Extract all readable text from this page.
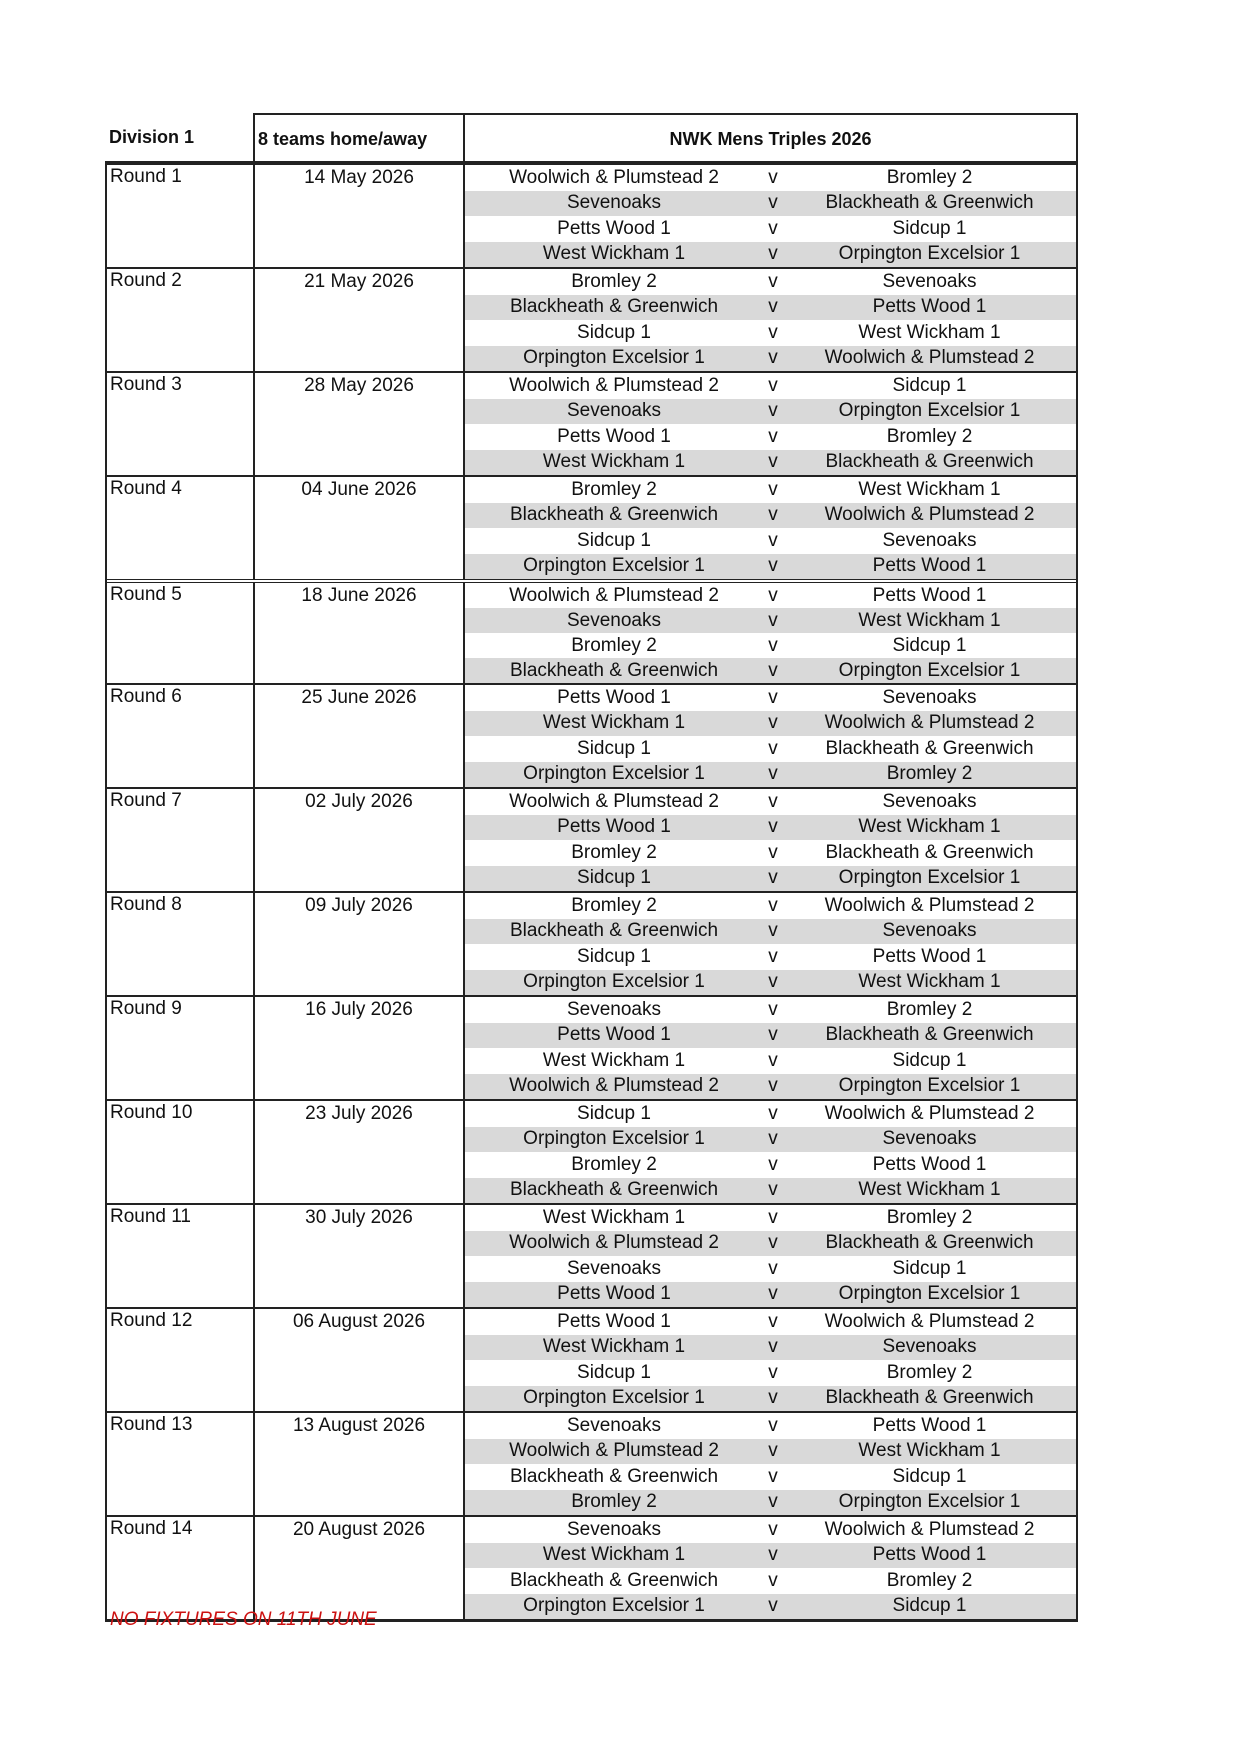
Division 1	8 teams home/away	NWK Mens Triples 2026
Round 1	14 May 2026	Woolwich & Plumstead 2	v	Bromley 2
Sevenoaks	v	Blackheath & Greenwich
Petts Wood 1	v	Sidcup 1
West Wickham 1	v	Orpington Excelsior 1
Round 2	21 May 2026	Bromley 2	v	Sevenoaks
Blackheath & Greenwich	v	Petts Wood 1
Sidcup 1	v	West Wickham 1
Orpington Excelsior 1	v	Woolwich & Plumstead 2
Round 3	28 May 2026	Woolwich & Plumstead 2	v	Sidcup 1
Sevenoaks	v	Orpington Excelsior 1
Petts Wood 1	v	Bromley 2
West Wickham 1	v	Blackheath & Greenwich
Round 4	04 June 2026	Bromley 2	v	West Wickham 1
Blackheath & Greenwich	v	Woolwich & Plumstead 2
Sidcup 1	v	Sevenoaks
Orpington Excelsior 1	v	Petts Wood 1
Round 5	18 June 2026	Woolwich & Plumstead 2	v	Petts Wood 1
Sevenoaks	v	West Wickham 1
Bromley 2	v	Sidcup 1
Blackheath & Greenwich	v	Orpington Excelsior 1
Round 6	25 June 2026	Petts Wood 1	v	Sevenoaks
West Wickham 1	v	Woolwich & Plumstead 2
Sidcup 1	v	Blackheath & Greenwich
Orpington Excelsior 1	v	Bromley 2
Round 7	02 July 2026	Woolwich & Plumstead 2	v	Sevenoaks
Petts Wood 1	v	West Wickham 1
Bromley 2	v	Blackheath & Greenwich
Sidcup 1	v	Orpington Excelsior 1
Round 8	09 July 2026	Bromley 2	v	Woolwich & Plumstead 2
Blackheath & Greenwich	v	Sevenoaks
Sidcup 1	v	Petts Wood 1
Orpington Excelsior 1	v	West Wickham 1
Round 9	16 July 2026	Sevenoaks	v	Bromley 2
Petts Wood 1	v	Blackheath & Greenwich
West Wickham 1	v	Sidcup 1
Woolwich & Plumstead 2	v	Orpington Excelsior 1
Round 10	23 July 2026	Sidcup 1	v	Woolwich & Plumstead 2
Orpington Excelsior 1	v	Sevenoaks
Bromley 2	v	Petts Wood 1
Blackheath & Greenwich	v	West Wickham 1
Round 11	30 July 2026	West Wickham 1	v	Bromley 2
Woolwich & Plumstead 2	v	Blackheath & Greenwich
Sevenoaks	v	Sidcup 1
Petts Wood 1	v	Orpington Excelsior 1
Round 12	06 August 2026	Petts Wood 1	v	Woolwich & Plumstead 2
West Wickham 1	v	Sevenoaks
Sidcup 1	v	Bromley 2
Orpington Excelsior 1	v	Blackheath & Greenwich
Round 13	13 August 2026	Sevenoaks	v	Petts Wood 1
Woolwich & Plumstead 2	v	West Wickham 1
Blackheath & Greenwich	v	Sidcup 1
Bromley 2	v	Orpington Excelsior 1
Round 14	20 August 2026	Sevenoaks	v	Woolwich & Plumstead 2
West Wickham 1	v	Petts Wood 1
Blackheath & Greenwich	v	Bromley 2
Orpington Excelsior 1	v	Sidcup 1
NO FIXTURES ON 11TH JUNE
